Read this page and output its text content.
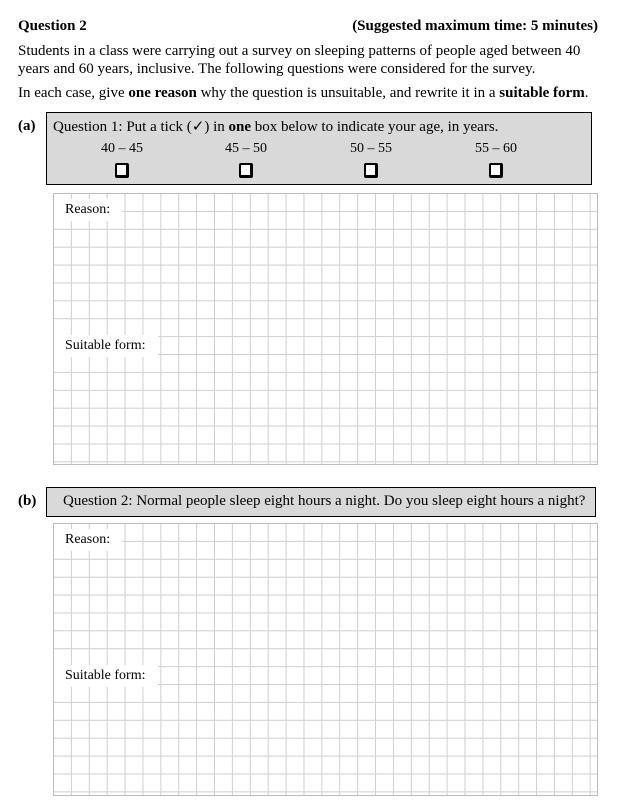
Question 2	(Suggested maximum time: 5 minutes)
Students in a class were carrying out a survey on sleeping patterns of people aged between 40 years and 60 years, inclusive. The following questions were considered for the survey.
In each case, give one reason why the question is unsuitable, and rewrite it in a suitable form.
(a) Question 1: Put a tick (✓) in one box below to indicate your age, in years.
40 – 45	45 – 50	50 – 55	55 – 60
Reason:
Suitable form:
(b) Question 2: Normal people sleep eight hours a night. Do you sleep eight hours a night?
Reason:
Suitable form:
